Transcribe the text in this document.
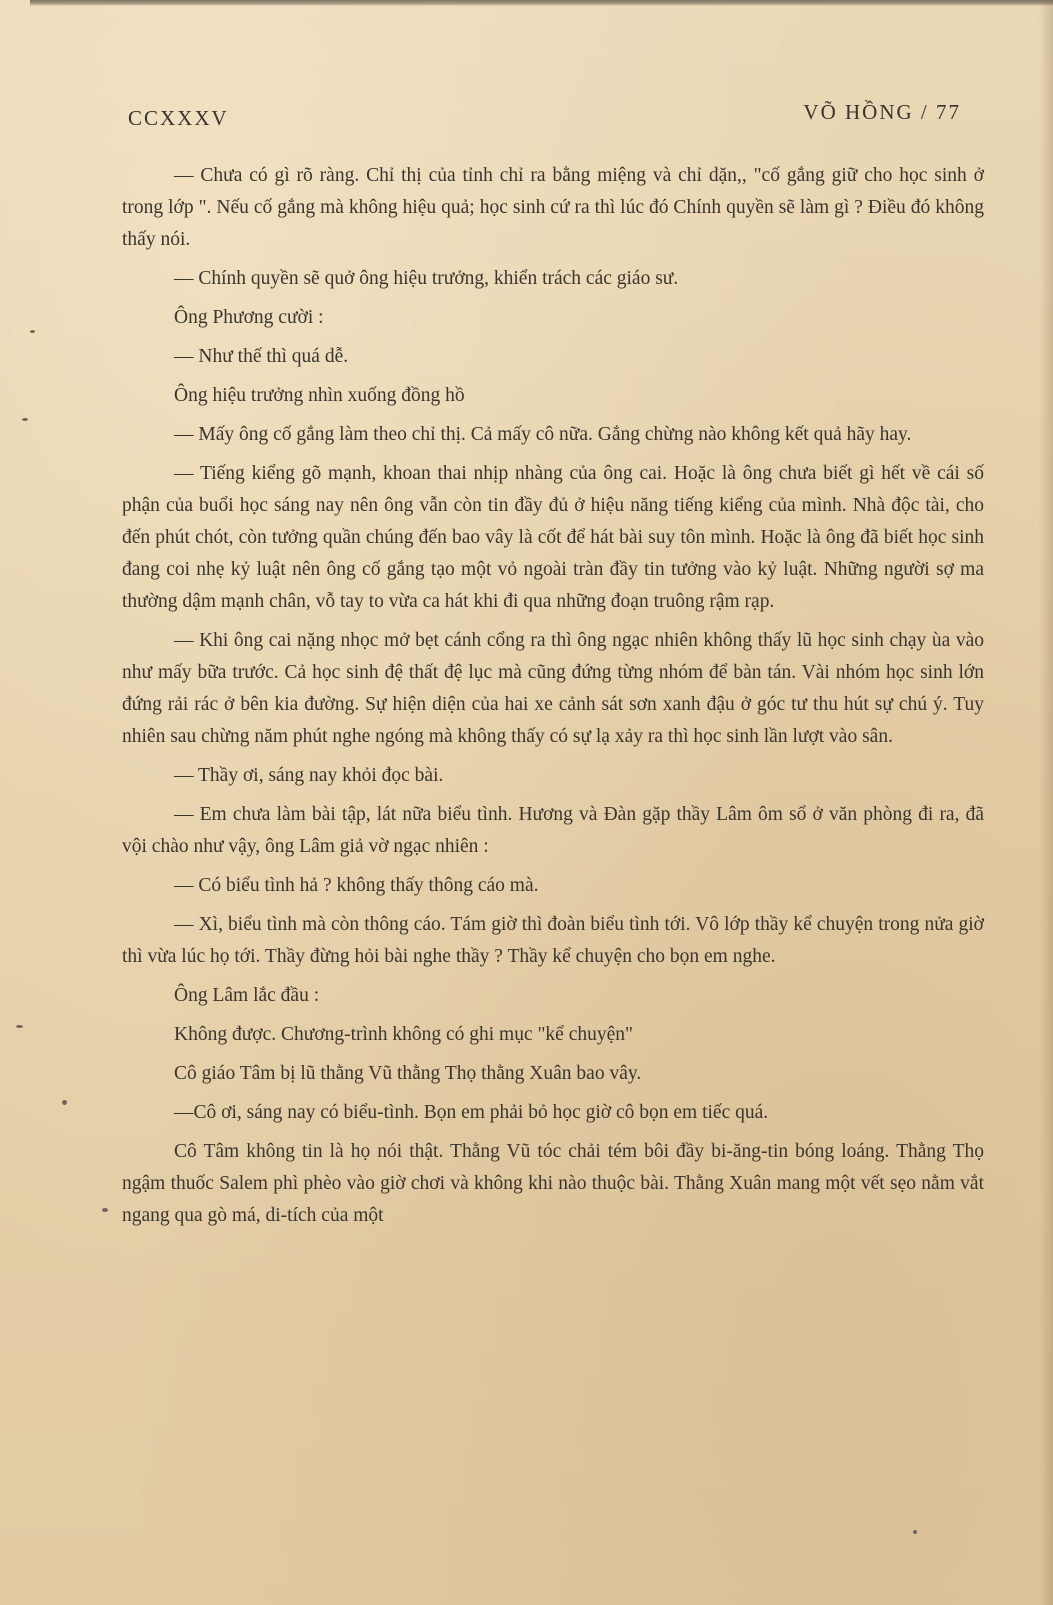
CCXXXV	VÕ HỒNG / 77

— Chưa có gì rõ ràng. Chỉ thị của tỉnh chỉ ra bằng miệng và chỉ dặn,, "cố gắng giữ cho học sinh ở trong lớp ". Nếu cố gắng mà không hiệu quả; học sinh cứ ra thì lúc đó Chính quyền sẽ làm gì ? Điều đó không thấy nói.

— Chính quyền sẽ quở ông hiệu trưởng, khiển trách các giáo sư.

Ông Phương cười :

— Như thế thì quá dễ.

Ông hiệu trưởng nhìn xuống đồng hồ

— Mấy ông cố gắng làm theo chỉ thị. Cả mấy cô nữa. Gắng chừng nào không kết quả hãy hay.

— Tiếng kiểng gõ mạnh, khoan thai nhịp nhàng của ông cai. Hoặc là ông chưa biết gì hết về cái số phận của buổi học sáng nay nên ông vẫn còn tin đầy đủ ở hiệu năng tiếng kiểng của mình. Nhà độc tài, cho đến phút chót, còn tưởng quần chúng đến bao vây là cốt để hát bài suy tôn mình. Hoặc là ông đã biết học sinh đang coi nhẹ kỷ luật nên ông cố gắng tạo một vỏ ngoài tràn đầy tin tưởng vào kỷ luật. Những người sợ ma thường dậm mạnh chân, vỗ tay to vừa ca hát khi đi qua những đoạn truông rậm rạp.

— Khi ông cai nặng nhọc mở bẹt cánh cổng ra thì ông ngạc nhiên không thấy lũ học sinh chạy ùa vào như mấy bữa trước. Cả học sinh đệ thất đệ lục mà cũng đứng từng nhóm để bàn tán. Vài nhóm học sinh lớn đứng rải rác ở bên kia đường. Sự hiện diện của hai xe cảnh sát sơn xanh đậu ở góc tư thu hút sự chú ý. Tuy nhiên sau chừng năm phút nghe ngóng mà không thấy có sự lạ xảy ra thì học sinh lần lượt vào sân.

— Thầy ơi, sáng nay khỏi đọc bài.

— Em chưa làm bài tập, lát nữa biểu tình. Hương và Đàn gặp thầy Lâm ôm sổ ở văn phòng đi ra, đã vội chào như vậy, ông Lâm giả vờ ngạc nhiên :

— Có biểu tình hả ? không thấy thông cáo mà.

— Xì, biểu tình mà còn thông cáo. Tám giờ thì đoàn biểu tình tới. Vô lớp thầy kể chuyện trong nửa giờ thì vừa lúc họ tới. Thầy đừng hỏi bài nghe thầy ? Thầy kể chuyện cho bọn em nghe.

Ông Lâm lắc đầu :

Không được. Chương-trình không có ghi mục "kể chuyện"

Cô giáo Tâm bị lũ thằng Vũ thằng Thọ thằng Xuân bao vây.

—Cô ơi, sáng nay có biểu-tình. Bọn em phải bỏ học giờ cô bọn em tiếc quá.

Cô Tâm không tin là họ nói thật. Thằng Vũ tóc chải tém bôi đầy bi-ăng-tin bóng loáng. Thằng Thọ ngậm thuốc Salem phì phèo vào giờ chơi và không khi nào thuộc bài. Thằng Xuân mang một vết sẹo nằm vắt ngang qua gò má, di-tích của một
